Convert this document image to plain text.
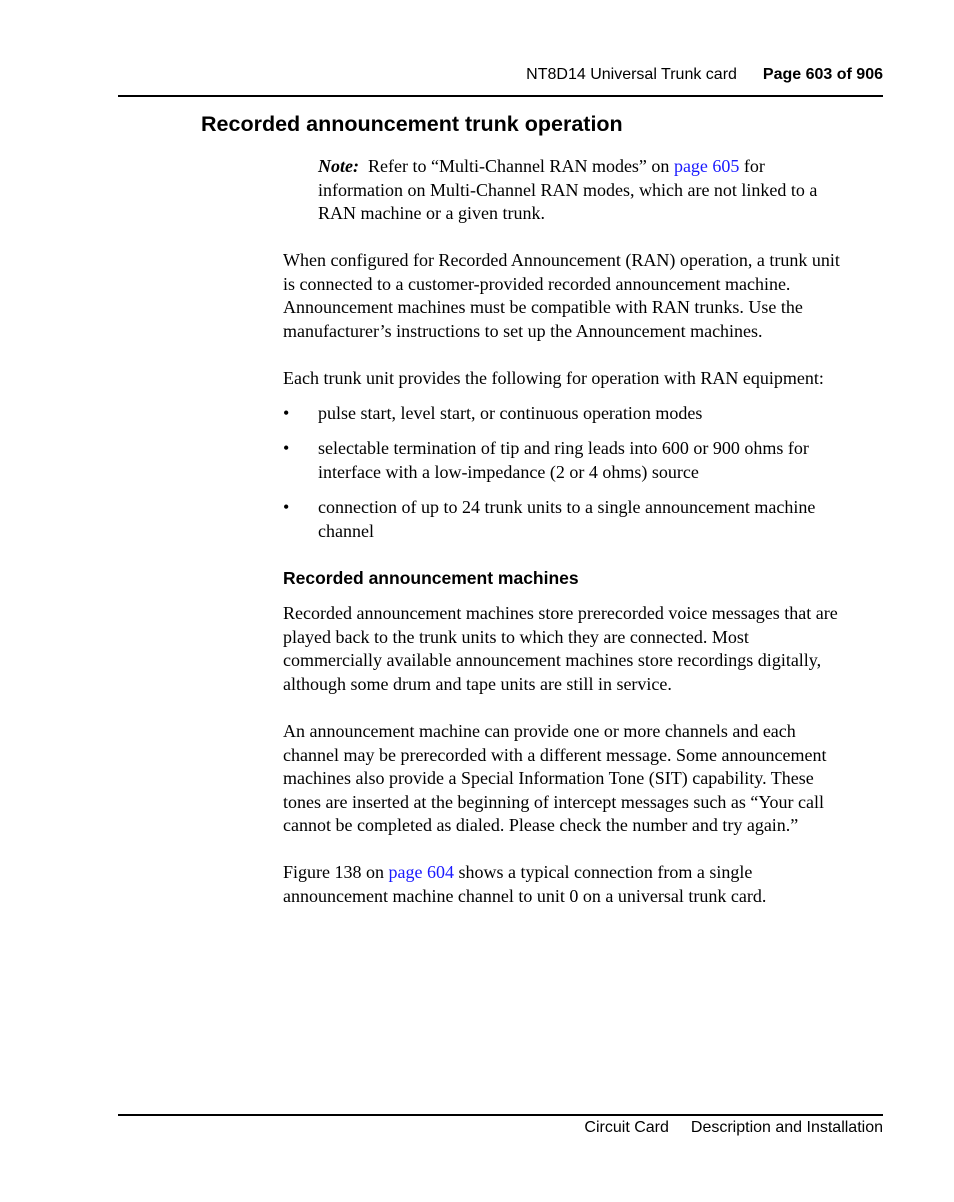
NT8D14 Universal Trunk card Page 603 of 906
Recorded announcement trunk operation
Note: Refer to “Multi-Channel RAN modes” on page 605 for
information on Multi-Channel RAN modes, which are not linked to a
RAN machine or a given trunk.
When configured for Recorded Announcement (RAN) operation, a trunk unit
is connected to a customer-provided recorded announcement machine.
Announcement machines must be compatible with RAN trunks. Use the
manufacturer’s instructions to set up the Announcement machines.
Each trunk unit provides the following for operation with RAN equipment:
• pulse start, level start, or continuous operation modes
• selectable termination of tip and ring leads into 600 or 900 ohms for
interface with a low-impedance (2 or 4 ohms) source
• connection of up to 24 trunk units to a single announcement machine
channel
Recorded announcement machines
Recorded announcement machines store prerecorded voice messages that are
played back to the trunk units to which they are connected. Most
commercially available announcement machines store recordings digitally,
although some drum and tape units are still in service.
An announcement machine can provide one or more channels and each
channel may be prerecorded with a different message. Some announcement
machines also provide a Special Information Tone (SIT) capability. These
tones are inserted at the beginning of intercept messages such as “Your call
cannot be completed as dialed. Please check the number and try again.”
Figure 138 on page 604 shows a typical connection from a single
announcement machine channel to unit 0 on a universal trunk card.
Circuit Card Description and Installation
